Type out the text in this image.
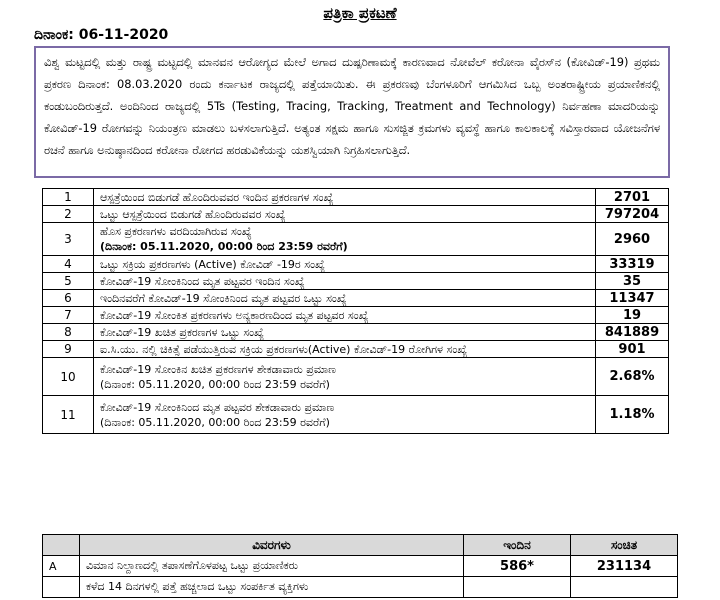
ಪತ್ರಿಕಾ ಪ್ರಕಟಣೆ
ದಿನಾಂಕ: 06-11-2020
ವಿಶ್ವ ಮಟ್ಟದಲ್ಲಿ ಮತ್ತು ರಾಷ್ಟ್ರ ಮಟ್ಟದಲ್ಲಿ ಮಾನವನ ಆರೋಗ್ಯದ ಮೇಲೆ ಅಗಾದ ದುಷ್ಪರಿಣಾಮಕ್ಕೆ ಕಾರಣವಾದ ನೋವೆಲ್ ಕರೋನಾ ವೈರಸ್‌ನ (ಕೋವಿಡ್-19) ಪ್ರಥಮ ಪ್ರಕರಣ ದಿನಾಂಕ: 08.03.2020 ರಂದು ಕರ್ನಾಟಕ ರಾಜ್ಯದಲ್ಲಿ ಪತ್ತೆಯಾಯಿತು. ಈ ಪ್ರಕರಣವು ಬೆಂಗಳೂರಿಗೆ ಆಗಮಿಸಿದ ಒಬ್ಬ ಅಂತರಾಷ್ಟ್ರೀಯ ಪ್ರಯಾಣಿಕನಲ್ಲಿ ಕಂಡುಬಂದಿರುತ್ತದೆ. ಅಂದಿನಿಂದ ರಾಜ್ಯದಲ್ಲಿ 5Ts (Testing, Tracing, Tracking, Treatment and Technology) ನಿರ್ವಹಣಾ ಮಾದರಿಯನ್ನು ಕೋವಿಡ್-19 ರೋಗವನ್ನು ನಿಯಂತ್ರಣ ಮಾಡಲು ಬಳಸಲಾಗುತ್ತಿದೆ. ಅತ್ಯಂತ ಸಕ್ಷಮ ಹಾಗೂ ಸುಸಜ್ಜಿತ ಕ್ರಮಗಳು ವ್ಯವಸ್ಥೆ ಹಾಗೂ ಕಾಲಕಾಲಕ್ಕೆ ಸವಿಸ್ತಾರವಾದ ಯೋಜನೆಗಳ ರಚನೆ ಹಾಗೂ ಅನುಷ್ಠಾನದಿಂದ ಕರೋನಾ ರೋಗದ ಹರಡುವಿಕೆಯನ್ನು ಯಶಸ್ವಿಯಾಗಿ ನಿಗ್ರಹಿಸಲಾಗುತ್ತಿದೆ.
1	ಆಸ್ಪತ್ರೆಯಿಂದ ಬಿಡುಗಡೆ ಹೊಂದಿರುವವರ ಇಂದಿನ ಪ್ರಕರಣಗಳ ಸಂಖ್ಯೆ	2701
2	ಒಟ್ಟು ಆಸ್ಪತ್ರೆಯಿಂದ ಬಿಡುಗಡೆ ಹೊಂದಿರುವವರ ಸಂಖ್ಯೆ	797204
3	ಹೊಸ ಪ್ರಕರಣಗಳು ವರದಿಯಾಗಿರುವ ಸಂಖ್ಯೆ
(ದಿನಾಂಕ: 05.11.2020, 00:00 ರಿಂದ 23:59 ರವರೆಗೆ)	2960
4	ಒಟ್ಟು ಸಕ್ರಿಯ ಪ್ರಕರಣಗಳು (Active) ಕೋವಿಡ್ -19ರ ಸಂಖ್ಯೆ	33319
5	ಕೋವಿಡ್-19 ಸೋಂಕಿನಿಂದ ಮೃತ ಪಟ್ಟವರ ಇಂದಿನ ಸಂಖ್ಯೆ	35
6	ಇಂದಿನವರೆಗೆ ಕೋವಿಡ್-19 ಸೋಂಕಿನಿಂದ ಮೃತ ಪಟ್ಟವರ ಒಟ್ಟು ಸಂಖ್ಯೆ	11347
7	ಕೋವಿಡ್-19 ಸೋಂಕಿತ ಪ್ರಕರಣಗಳು ಅನ್ಯಕಾರಣದಿಂದ ಮೃತ ಪಟ್ಟವರ ಸಂಖ್ಯೆ	19
8	ಕೋವಿಡ್-19 ಖಚಿತ ಪ್ರಕರಣಗಳ ಒಟ್ಟು ಸಂಖ್ಯೆ	841889
9	ಐ.ಸಿ.ಯು. ನಲ್ಲಿ ಚಿಕಿತ್ಸೆ ಪಡೆಯುತ್ತಿರುವ ಸಕ್ರಿಯ ಪ್ರಕರಣಗಳು(Active) ಕೋವಿಡ್-19 ರೋಗಿಗಳ ಸಂಖ್ಯೆ	901
10	ಕೋವಿಡ್-19 ಸೋಂಕಿನ ಖಚಿತ ಪ್ರಕರಣಗಳ ಶೇಕಡಾವಾರು ಪ್ರಮಾಣ
(ದಿನಾಂಕ: 05.11.2020, 00:00 ರಿಂದ 23:59 ರವರೆಗೆ)	2.68%
11	ಕೋವಿಡ್-19 ಸೋಂಕಿನಿಂದ ಮೃತ ಪಟ್ಟವರ ಶೇಕಡಾವಾರು ಪ್ರಮಾಣ
(ದಿನಾಂಕ: 05.11.2020, 00:00 ರಿಂದ 23:59 ರವರೆಗೆ)	1.18%
	ವಿವರಗಳು	ಇಂದಿನ	ಸಂಚಿತ
A	ವಿಮಾನ ನಿಲ್ದಾಣದಲ್ಲಿ ತಪಾಸಣೆಗೊಳಪಟ್ಟ ಒಟ್ಟು ಪ್ರಯಾಣಿಕರು	586*	231134
	ಕಳೆದ 14 ದಿನಗಳಲ್ಲಿ ಪತ್ತೆ ಹಚ್ಚಲಾದ ಒಟ್ಟು ಸಂಪರ್ಕಿತ ವ್ಯಕ್ತಿಗಳು		
